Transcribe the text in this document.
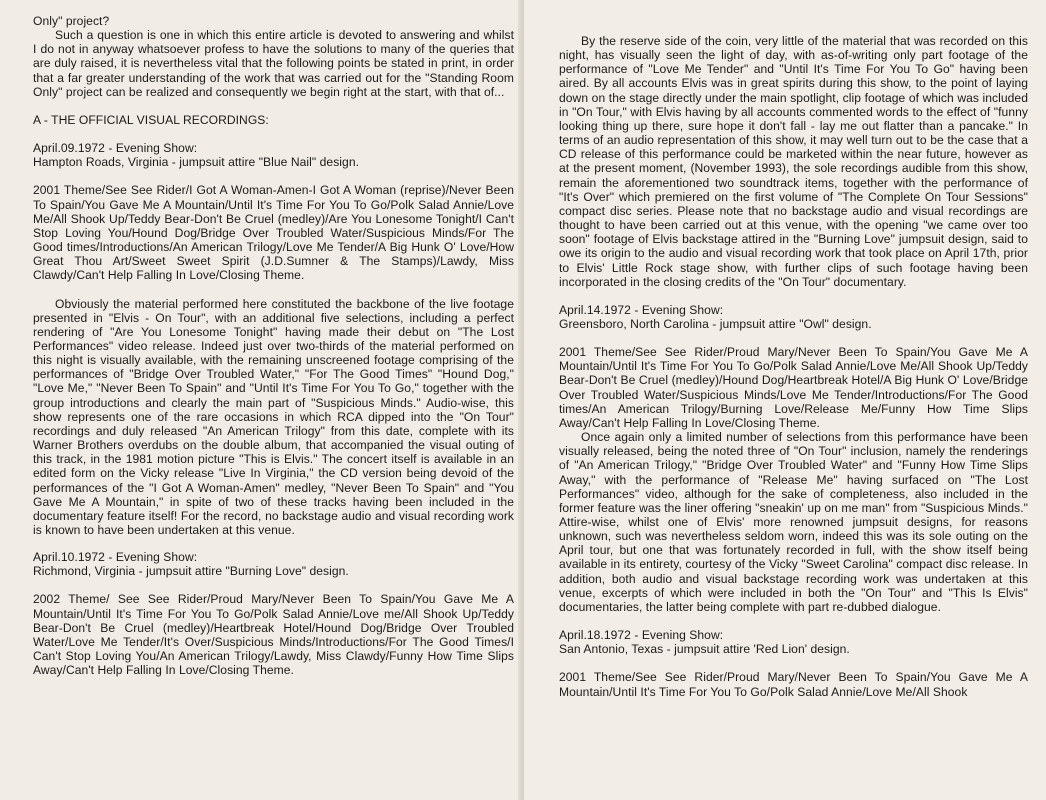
Only" project?

Such a question is one in which this entire article is devoted to answering and whilst I do not in anyway whatsoever profess to have the solutions to many of the queries that are duly raised, it is nevertheless vital that the following points be stated in print, in order that a far greater understanding of the work that was carried out for the "Standing Room Only" project can be realized and consequently we begin right at the start, with that of...

A - THE OFFICIAL VISUAL RECORDINGS:

April.09.1972 - Evening Show:

Hampton Roads, Virginia - jumpsuit attire "Blue Nail" design.

2001 Theme/See See Rider/I Got A Woman-Amen-I Got A Woman (reprise)/Never Been To Spain/You Gave Me A Mountain/Until It's Time For You To Go/Polk Salad Annie/Love Me/All Shook Up/Teddy Bear-Don't Be Cruel (medley)/Are You Lonesome Tonight/I Can't Stop Loving You/Hound Dog/Bridge Over Troubled Water/Suspicious Minds/For The Good times/Introductions/An American Trilogy/Love Me Tender/A Big Hunk O' Love/How Great Thou Art/Sweet Sweet Spirit (J.D.Sumner & The Stamps)/Lawdy, Miss Clawdy/Can't Help Falling In Love/Closing Theme.

Obviously the material performed here constituted the backbone of the live footage presented in "Elvis - On Tour", with an additional five selections, including a perfect rendering of "Are You Lonesome Tonight" having made their debut on "The Lost Performances" video release. Indeed just over two-thirds of the material performed on this night is visually available, with the remaining unscreened footage comprising of the performances of "Bridge Over Troubled Water," "For The Good Times" "Hound Dog," "Love Me," "Never Been To Spain" and "Until It's Time For You To Go," together with the group introductions and clearly the main part of "Suspicious Minds." Audio-wise, this show represents one of the rare occasions in which RCA dipped into the "On Tour" recordings and duly released "An American Trilogy" from this date, complete with its Warner Brothers overdubs on the double album, that accompanied the visual outing of this track, in the 1981 motion picture "This is Elvis." The concert itself is available in an edited form on the Vicky release "Live In Virginia," the CD version being devoid of the performances of the "I Got A Woman-Amen" medley, "Never Been To Spain" and "You Gave Me A Mountain," in spite of two of these tracks having been included in the documentary feature itself! For the record, no backstage audio and visual recording work is known to have been undertaken at this venue.

April.10.1972 - Evening Show:

Richmond, Virginia - jumpsuit attire "Burning Love" design.

2002 Theme/ See See Rider/Proud Mary/Never Been To Spain/You Gave Me A Mountain/Until It's Time For You To Go/Polk Salad Annie/Love me/All Shook Up/Teddy Bear-Don't Be Cruel (medley)/Heartbreak Hotel/Hound Dog/Bridge Over Troubled Water/Love Me Tender/It's Over/Suspicious Minds/Introductions/For The Good Times/I Can't Stop Loving You/An American Trilogy/Lawdy, Miss Clawdy/Funny How Time Slips Away/Can't Help Falling In Love/Closing Theme.

By the reserve side of the coin, very little of the material that was recorded on this night, has visually seen the light of day, with as-of-writing only part footage of the performance of "Love Me Tender" and "Until It's Time For You To Go" having been aired. By all accounts Elvis was in great spirits during this show, to the point of laying down on the stage directly under the main spotlight, clip footage of which was included in "On Tour," with Elvis having by all accounts commented words to the effect of "funny looking thing up there, sure hope it don't fall - lay me out flatter than a pancake." In terms of an audio representation of this show, it may well turn out to be the case that a CD release of this performance could be marketed within the near future, however as at the present moment, (November 1993), the sole recordings audible from this show, remain the aforementioned two soundtrack items, together with the performance of "It's Over" which premiered on the first volume of "The Complete On Tour Sessions" compact disc series. Please note that no backstage audio and visual recordings are thought to have been carried out at this venue, with the opening "we came over too soon" footage of Elvis backstage attired in the "Burning Love" jumpsuit design, said to owe its origin to the audio and visual recording work that took place on April 17th, prior to Elvis' Little Rock stage show, with further clips of such footage having been incorporated in the closing credits of the "On Tour" documentary.

April.14.1972 - Evening Show:

Greensboro, North Carolina - jumpsuit attire "Owl" design.

2001 Theme/See See Rider/Proud Mary/Never Been To Spain/You Gave Me A Mountain/Until It's Time For You To Go/Polk Salad Annie/Love Me/All Shook Up/Teddy Bear-Don't Be Cruel (medley)/Hound Dog/Heartbreak Hotel/A Big Hunk O' Love/Bridge Over Troubled Water/Suspicious Minds/Love Me Tender/Introductions/For The Good times/An American Trilogy/Burning Love/Release Me/Funny How Time Slips Away/Can't Help Falling In Love/Closing Theme.

Once again only a limited number of selections from this performance have been visually released, being the noted three of "On Tour" inclusion, namely the renderings of "An American Trilogy," "Bridge Over Troubled Water" and "Funny How Time Slips Away," with the performance of "Release Me" having surfaced on "The Lost Performances" video, although for the sake of completeness, also included in the former feature was the liner offering "sneakin' up on me man" from "Suspicious Minds." Attire-wise, whilst one of Elvis' more renowned jumpsuit designs, for reasons unknown, such was nevertheless seldom worn, indeed this was its sole outing on the April tour, but one that was fortunately recorded in full, with the show itself being available in its entirety, courtesy of the Vicky "Sweet Carolina" compact disc release. In addition, both audio and visual backstage recording work was undertaken at this venue, excerpts of which were included in both the "On Tour" and "This Is Elvis" documentaries, the latter being complete with part re-dubbed dialogue.

April.18.1972 - Evening Show:

San Antonio, Texas - jumpsuit attire 'Red Lion' design.

2001 Theme/See See Rider/Proud Mary/Never Been To Spain/You Gave Me A Mountain/Until It's Time For You To Go/Polk Salad Annie/Love Me/All Shook
